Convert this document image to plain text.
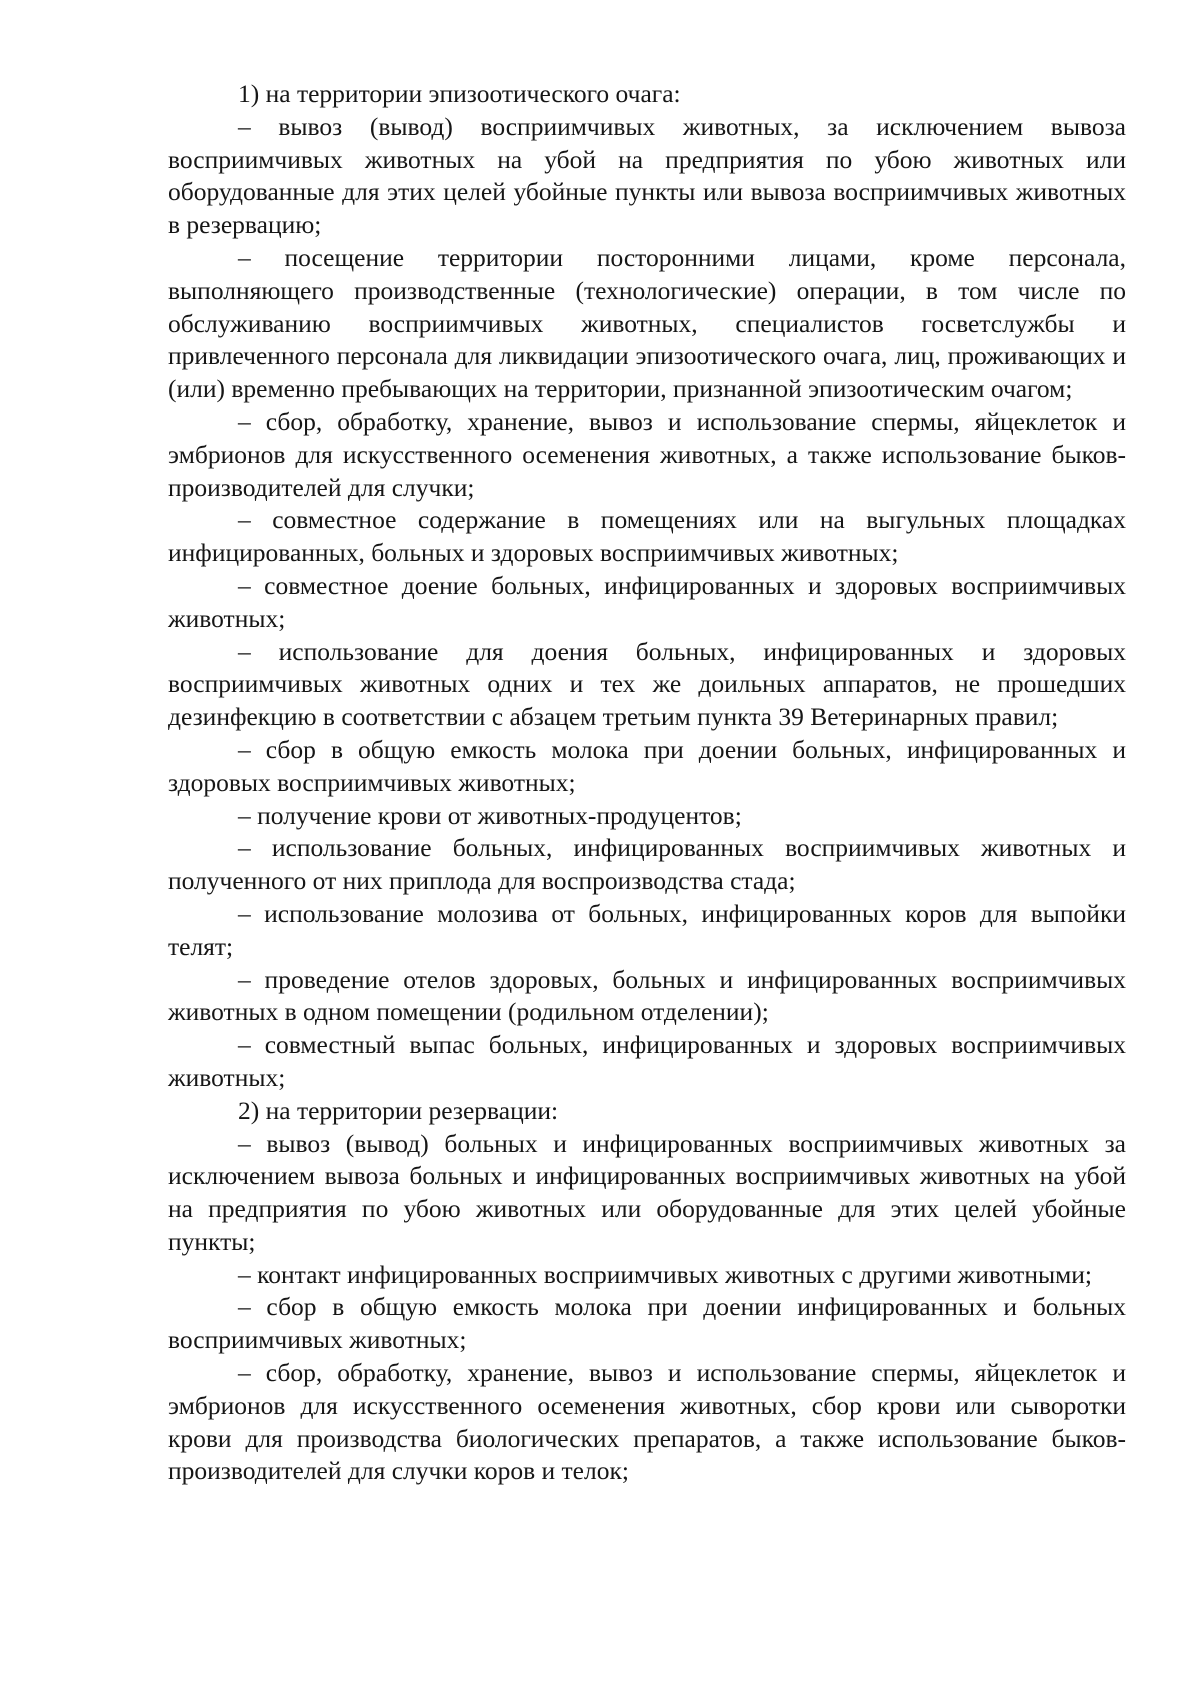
1) на территории эпизоотического очага:

– вывоз (вывод) восприимчивых животных, за исключением вывоза восприимчивых животных на убой на предприятия по убою животных или оборудованные для этих целей убойные пункты или вывоза восприимчивых животных в резервацию;

– посещение территории посторонними лицами, кроме персонала, выполняющего производственные (технологические) операции, в том числе по обслуживанию восприимчивых животных, специалистов госветслужбы и привлеченного персонала для ликвидации эпизоотического очага, лиц, проживающих и (или) временно пребывающих на территории, признанной эпизоотическим очагом;

– сбор, обработку, хранение, вывоз и использование спермы, яйцеклеток и эмбрионов для искусственного осеменения животных, а также использование быков-производителей для случки;

– совместное содержание в помещениях или на выгульных площадках инфицированных, больных и здоровых восприимчивых животных;

– совместное доение больных, инфицированных и здоровых восприимчивых животных;

– использование для доения больных, инфицированных и здоровых восприимчивых животных одних и тех же доильных аппаратов, не прошедших дезинфекцию в соответствии с абзацем третьим пункта 39 Ветеринарных правил;

– сбор в общую емкость молока при доении больных, инфицированных и здоровых восприимчивых животных;

– получение крови от животных-продуцентов;

– использование больных, инфицированных восприимчивых животных и полученного от них приплода для воспроизводства стада;

– использование молозива от больных, инфицированных коров для выпойки телят;

– проведение отелов здоровых, больных и инфицированных восприимчивых животных в одном помещении (родильном отделении);

– совместный выпас больных, инфицированных и здоровых восприимчивых животных;

2) на территории резервации:

– вывоз (вывод) больных и инфицированных восприимчивых животных за исключением вывоза больных и инфицированных восприимчивых животных на убой на предприятия по убою животных или оборудованные для этих целей убойные пункты;

– контакт инфицированных восприимчивых животных с другими животными;

– сбор в общую емкость молока при доении инфицированных и больных восприимчивых животных;

– сбор, обработку, хранение, вывоз и использование спермы, яйцеклеток и эмбрионов для искусственного осеменения животных, сбор крови или сыворотки крови для производства биологических препаратов, а также использование быков-производителей для случки коров и телок;
